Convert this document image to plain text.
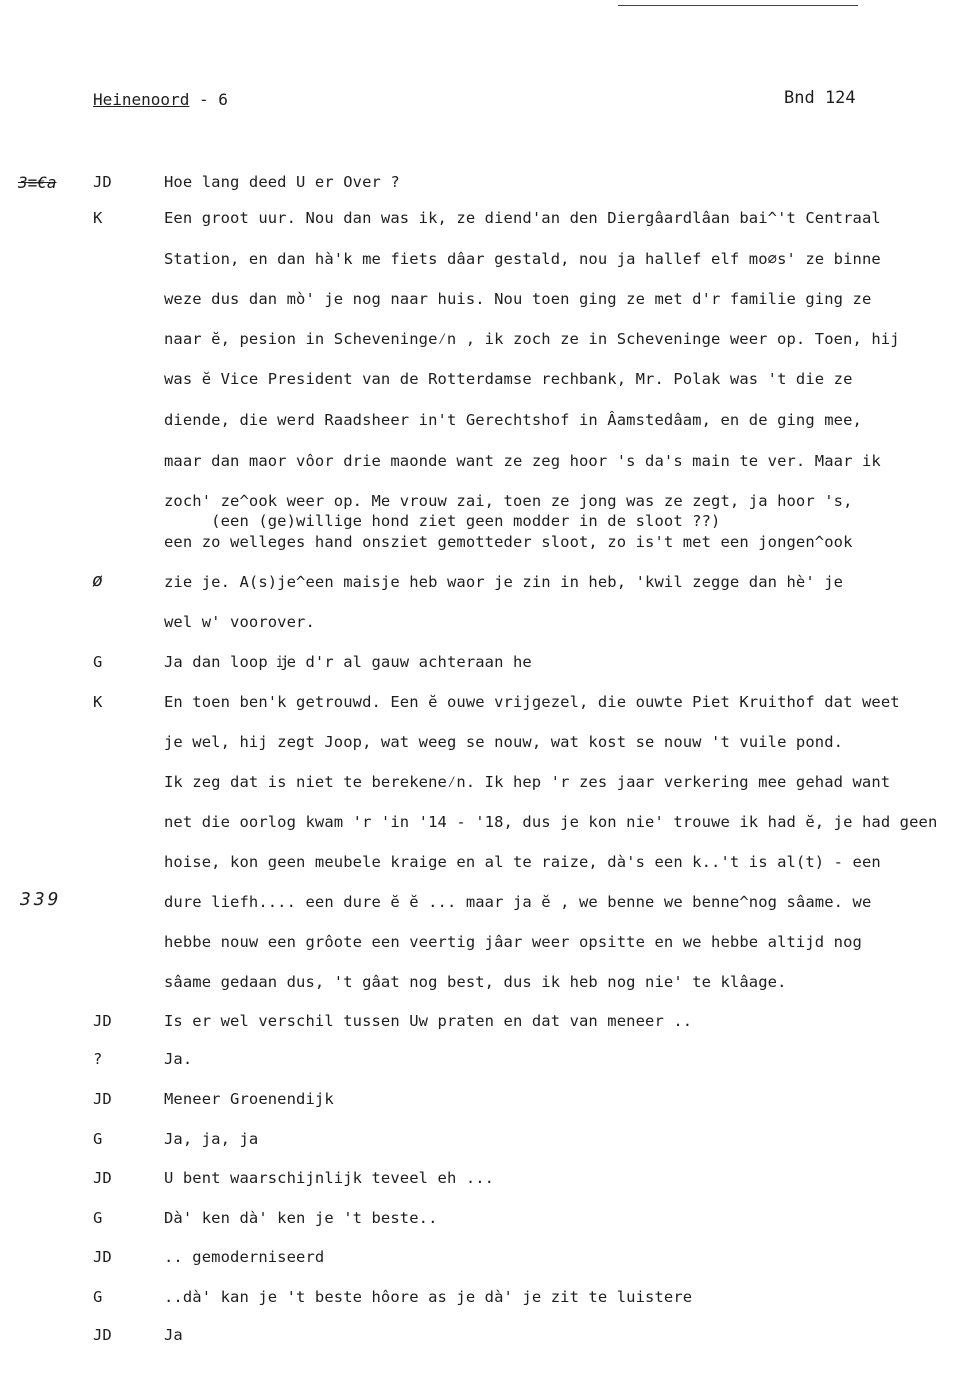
Heinenoord - 6	Bnd 124
3≡€a
ø
339
JD	Hoe lang deed U er Over ?
K	Een groot uur. Nou dan was ik, ze diend'an den Diergâardlâan bai^'t Centraal
Station, en dan hà'k me fiets dâar gestald, nou ja hallef elf mo∅s' ze binne
weze dus dan mò' je nog naar huis. Nou toen ging ze met d'r familie ging ze
naar ĕ, pesion in Scheveninge⁄n , ik zoch ze in Scheveninge weer op. Toen, hij
was ĕ Vice President van de Rotterdamse rechbank, Mr. Polak was 't die ze
diende, die werd Raadsheer in't Gerechtshof in Âamstedâam, en de ging mee,
maar dan maor vôor drie maonde want ze zeg hoor 's da's main te ver. Maar ik
zoch' ze^ook weer op. Me vrouw zai, toen ze jong was ze zegt, ja hoor 's,
(een (ge)willige hond ziet geen modder in de sloot ??)
een zo welleges hand onsziet gemotteder sloot, zo is't met een jongen^ook
zie je. A(s)je^een maisje heb waor je zin in heb, 'kwil zegge dan hè' je
wel w' voorover.
G	Ja dan loop ĳe d'r al gauw achteraan he
K	En toen ben'k getrouwd. Een ĕ ouwe vrijgezel, die ouwte Piet Kruithof dat weet
je wel, hij zegt Joop, wat weeg se nouw, wat kost se nouw 't vuile pond.
Ik zeg dat is niet te berekene⁄n. Ik hep 'r zes jaar verkering mee gehad want
net die oorlog kwam 'r 'in '14 - '18, dus je kon nie' trouwe ik had ĕ, je had geen
hoise, kon geen meubele kraige en al te raize, dà's een k..'t is al(t) - een
dure liefh.... een dure ĕ ĕ ... maar ja ĕ , we benne we benne^nog sâame. we
hebbe nouw een grôote een veertig jâar weer opsitte en we hebbe altijd nog
sâame gedaan dus, 't gâat nog best, dus ik heb nog nie' te klâage.
JD	Is er wel verschil tussen Uw praten en dat van meneer ..
?	Ja.
JD	Meneer Groenendijk
G	Ja, ja, ja
JD	U bent waarschijnlijk teveel eh ...
G	Dà' ken dà' ken je 't beste..
JD	.. gemoderniseerd
G	..dà' kan je 't beste hôore as je dà' je zit te luistere
JD	Ja
